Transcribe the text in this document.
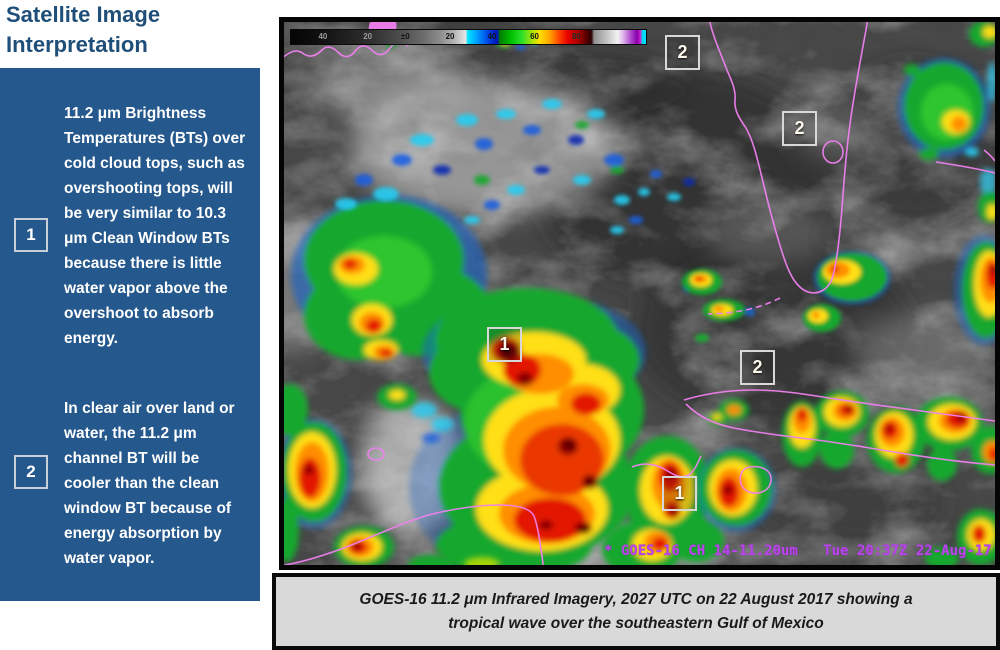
Satellite Image
Interpretation
1
11.2 μm Brightness Temperatures (BTs) over cold cloud tops, such as overshooting tops, will be very similar to 10.3 μm Clean Window BTs because there is little water vapor above the overshoot to absorb energy.
2
In clear air over land or water, the 11.2 μm channel BT will be cooler than the clean window BT because of energy absorption by water vapor.
40	20	±0	20	40	60	80
2
2
1
2
1
* GOES-16 CH 14-11.20um   Tue 20:37Z 22-Aug-17
GOES-16 11.2 μm Infrared Imagery, 2027 UTC on 22 August 2017 showing a
tropical wave over the southeastern Gulf of Mexico
